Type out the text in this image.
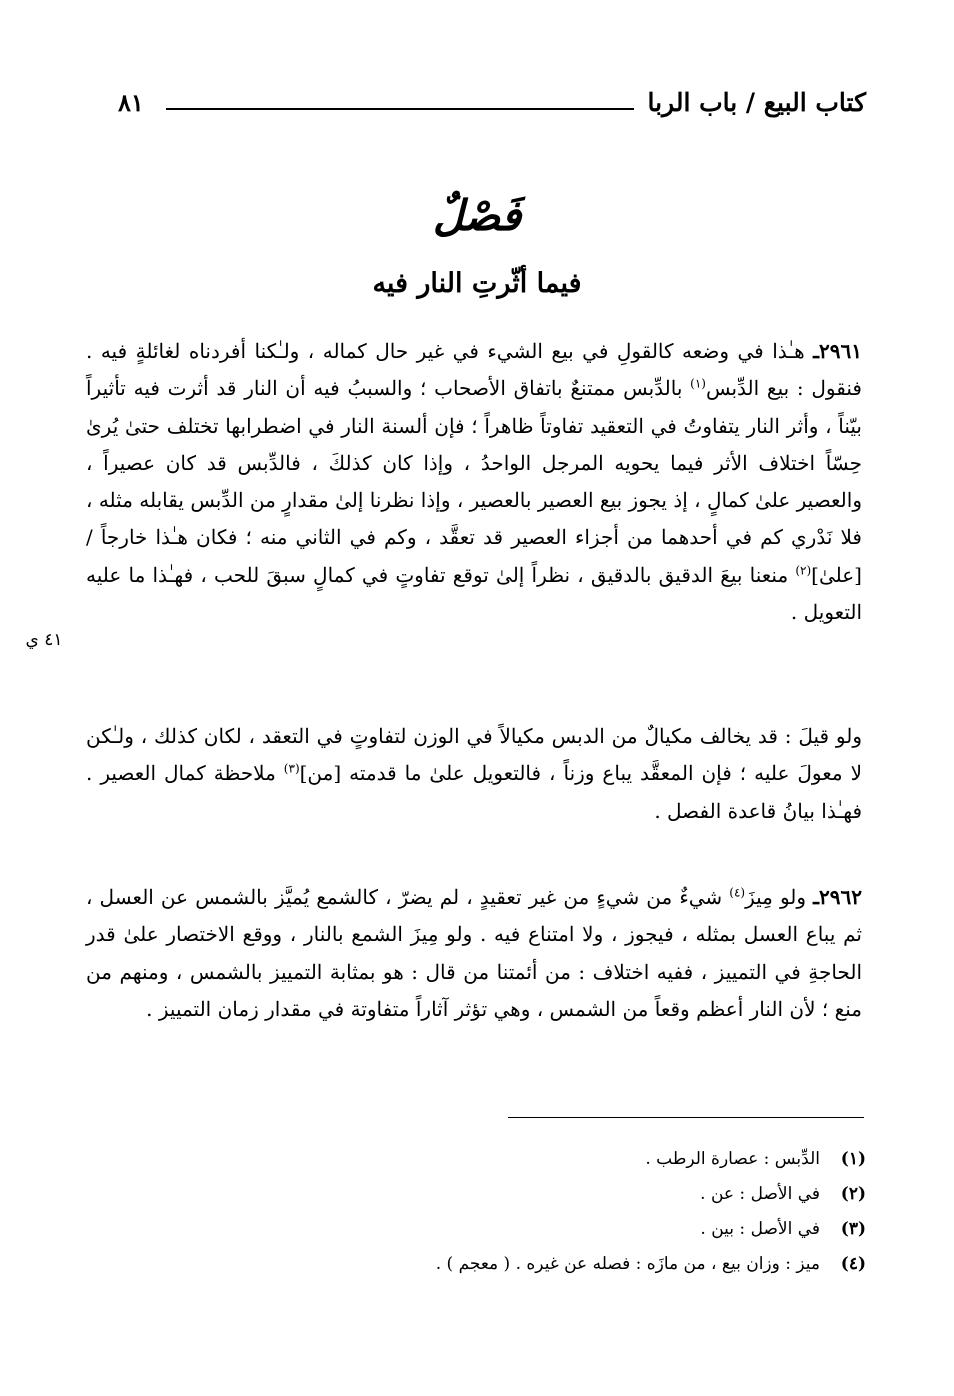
كتاب البيع / باب الربا
٨١
فَصْلٌ
فيما أثّرتِ النار فيه

٢٩٦١ـ هـٰذا في وضعه كالقولِ في بيع الشيء في غير حال كماله ، ولـٰكنا أفردناه لغائلةٍ فيه . فنقول : بيع الدِّبس$^{(١)}$ بالدِّبس ممتنعٌ باتفاق الأصحاب ؛ والسببُ فيه أن النار قد أثرت فيه تأثيراً بيّناً ، وأثر النار يتفاوتُ في التعقيد تفاوتاً ظاهراً ؛ فإن ألسنة النار في اضطرابها تختلف حتىٰ يُرىٰ حِسّاً اختلاف الأثر فيما يحويه المرجل الواحدُ ، وإذا كان كذلكَ ، فالدِّبس قد كان عصيراً ، والعصير علىٰ كمالٍ ، إذ يجوز بيع العصير بالعصير ، وإذا نظرنا إلىٰ مقدارٍ من الدِّبس يقابله مثله ، فلا نَدْري كم في أحدهما من أجزاء العصير قد تعقَّد ، وكم في الثاني منه ؛ فكان هـٰذا خارجاً / [علىٰ]$^{(٢)}$ منعنا بيعَ الدقيق بالدقيق ، نظراً إلىٰ توقع تفاوتٍ في كمالٍ سبقَ للحب ، فهـٰذا ما عليه التعويل .

٤١ ي

ولو قيلَ : قد يخالف مكيالٌ من الدبس مكيالاً في الوزن لتفاوتٍ في التعقد ، لكان كذلك ، ولـٰكن لا معولَ عليه ؛ فإن المعقَّد يباع وزناً ، فالتعويل علىٰ ما قدمته [من]$^{(٣)}$ ملاحظة كمال العصير . فهـٰذا بيانُ قاعدة الفصل .

٢٩٦٢ـ ولو مِيزَ$^{(٤)}$ شيءٌ من شيءٍ من غير تعقيدٍ ، لم يضرّ ، كالشمع يُميَّز بالشمس عن العسل ، ثم يباع العسل بمثله ، فيجوز ، ولا امتناع فيه . ولو مِيزَ الشمع بالنار ، ووقع الاختصار علىٰ قدر الحاجةِ في التمييز ، ففيه اختلاف : من أئمتنا من قال : هو بمثابة التمييز بالشمس ، ومنهم من منع ؛ لأن النار أعظم وقعاً من الشمس ، وهي تؤثر آثاراً متفاوتة في مقدار زمان التمييز .

(١)الدِّبس : عصارة الرطب .
(٢)في الأصل : عن .
(٣)في الأصل : بين .
(٤)ميز : وزان بيع ، من مازَه : فصله عن غيره . ( معجم ) .
